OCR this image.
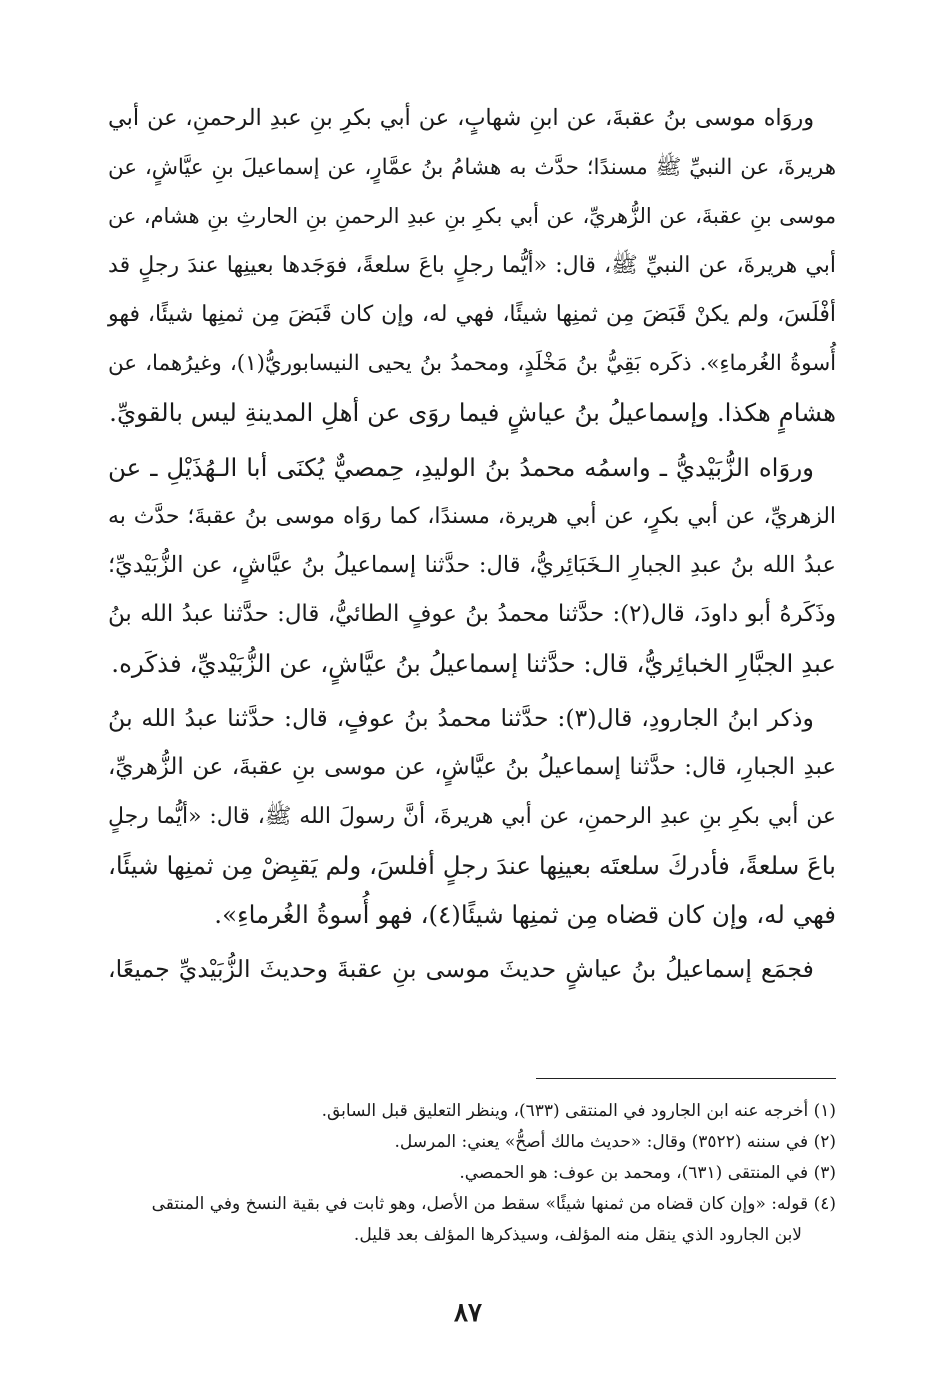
وروَاه موسى بنُ عقبةَ، عن ابنِ شهابٍ، عن أبي بكرِ بنِ عبدِ الرحمنِ، عن أبي
هريرةَ، عن النبيِّ ﷺ مسندًا؛ حدَّث به هشامُ بنُ عمَّارٍ، عن إسماعيلَ بنِ عيَّاشٍ، عن
موسى بنِ عقبةَ، عن الزُّهريِّ، عن أبي بكرِ بنِ عبدِ الرحمنِ بنِ الحارثِ بنِ هشام، عن
أبي هريرةَ، عن النبيِّ ﷺ، قال: «أيُّما رجلٍ باعَ سلعةً، فوَجَدها بعينِها عندَ رجلٍ قد
أفْلَسَ، ولم يكنْ قَبَضَ مِن ثمنِها شيئًا، فهي له، وإن كان قَبَضَ مِن ثمنِها شيئًا، فهو
أُسوةُ الغُرماءِ». ذكَره بَقِيُّ بنُ مَخْلَدٍ، ومحمدُ بنُ يحيى النيسابوريُّ(١)، وغيرُهما، عن
هشامٍ هكذا. وإسماعيلُ بنُ عياشٍ فيما روَى عن أهلِ المدينةِ ليس بالقويِّ.
وروَاه الزُّبَيْديُّ ـ واسمُه محمدُ بنُ الوليدِ، حِمصيٌّ يُكنَى أبا الـهُذَيْلِ ـ عن
الزهريِّ، عن أبي بكرٍ، عن أبي هريرة، مسندًا، كما روَاه موسى بنُ عقبةَ؛ حدَّث به
عبدُ الله بنُ عبدِ الجبارِ الـخَبَائِريُّ، قال: حدَّثنا إسماعيلُ بنُ عيَّاشٍ، عن الزُّبَيْديِّ؛
وذَكَرهُ أبو داودَ، قال(٢): حدَّثنا محمدُ بنُ عوفٍ الطائيُّ، قال: حدَّثنا عبدُ الله بنُ
عبدِ الجبَّارِ الخبائِريُّ، قال: حدَّثنا إسماعيلُ بنُ عيَّاشٍ، عن الزُّبَيْديِّ، فذكَره.
وذكر ابنُ الجارودِ، قال(٣): حدَّثنا محمدُ بنُ عوفٍ، قال: حدَّثنا عبدُ الله بنُ
عبدِ الجبارِ، قال: حدَّثنا إسماعيلُ بنُ عيَّاشٍ، عن موسى بنِ عقبةَ، عن الزُّهريِّ،
عن أبي بكرِ بنِ عبدِ الرحمنِ، عن أبي هريرةَ، أنَّ رسولَ الله ﷺ، قال: «أيُّما رجلٍ
باعَ سلعةً، فأدركَ سلعتَه بعينِها عندَ رجلٍ أفلسَ، ولم يَقبِضْ مِن ثمنِها شيئًا،
فهي له، وإن كان قضاه مِن ثمنِها شيئًا(٤)، فهو أُسوةُ الغُرماءِ».
فجمَع إسماعيلُ بنُ عياشٍ حديثَ موسى بنِ عقبةَ وحديثَ الزُّبَيْديِّ جميعًا،
(١) أخرجه عنه ابن الجارود في المنتقى (٦٣٣)، وينظر التعليق قبل السابق.
(٢) في سننه (٣٥٢٢) وقال: «حديث مالك أصحُّ» يعني: المرسل.
(٣) في المنتقى (٦٣١)، ومحمد بن عوف: هو الحمصي.
(٤) قوله: «وإن كان قضاه من ثمنها شيئًا» سقط من الأصل، وهو ثابت في بقية النسخ وفي المنتقى
لابن الجارود الذي ينقل منه المؤلف، وسيذكرها المؤلف بعد قليل.
٨٧
